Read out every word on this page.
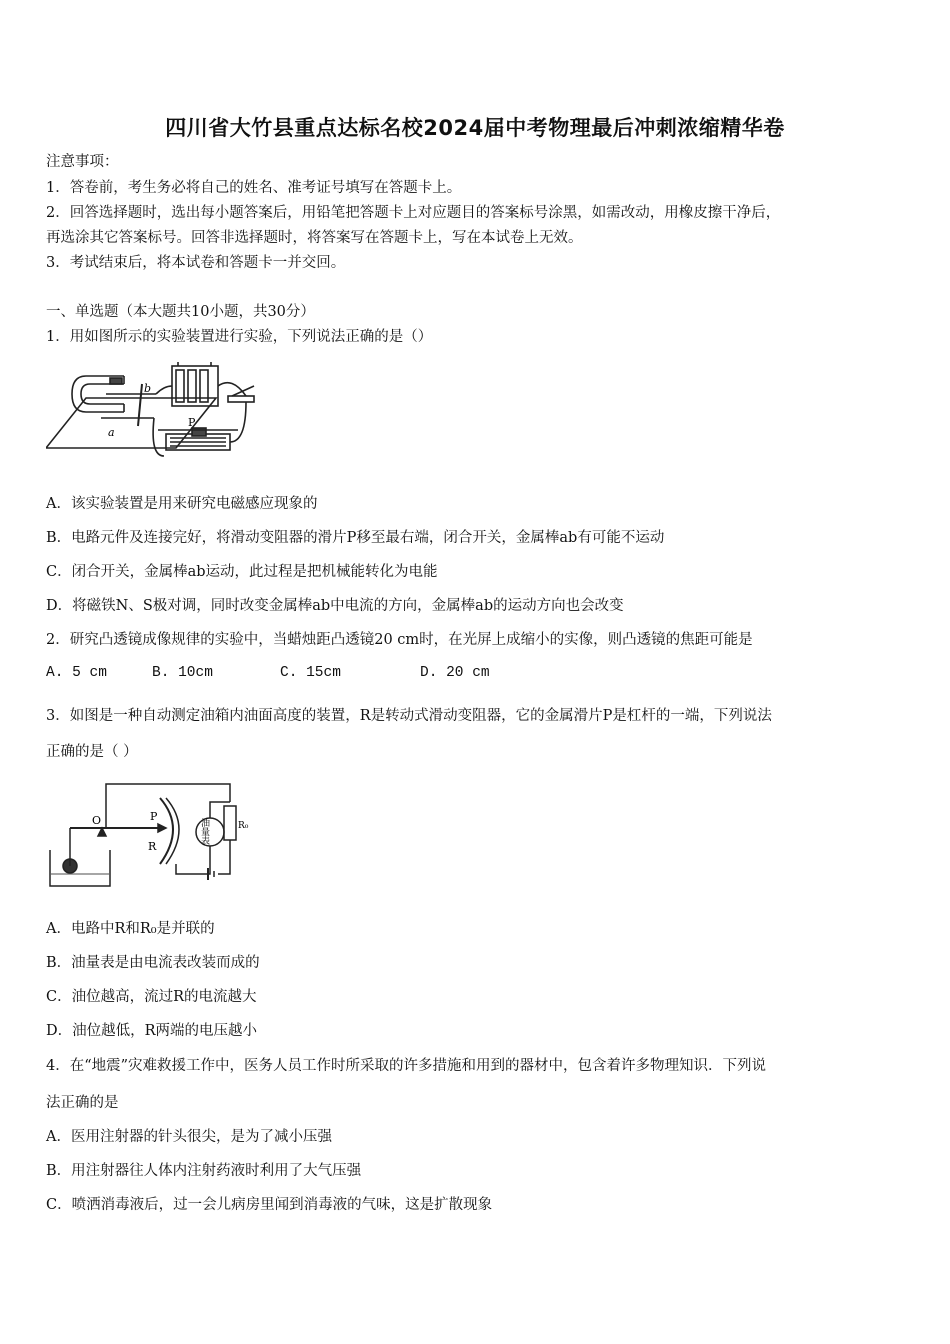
四川省大竹县重点达标名校2024届中考物理最后冲刺浓缩精华卷
注意事项：
1．答卷前，考生务必将自己的姓名、准考证号填写在答题卡上。
2．回答选择题时，选出每小题答案后，用铅笔把答题卡上对应题目的答案标号涂黑，如需改动，用橡皮擦干净后，
再选涂其它答案标号。回答非选择题时，将答案写在答题卡上，写在本试卷上无效。
3．考试结束后，将本试卷和答题卡一并交回。
一、单选题（本大题共10小题，共30分）
1．用如图所示的实验装置进行实验，下列说法正确的是（）
b
a
P
A．该实验装置是用来研究电磁感应现象的
B．电路元件及连接完好，将滑动变阻器的滑片P移至最右端，闭合开关，金属棒ab有可能不运动
C．闭合开关，金属棒ab运动，此过程是把机械能转化为电能
D．将磁铁N、S极对调，同时改变金属棒ab中电流的方向，金属棒ab的运动方向也会改变
2．研究凸透镜成像规律的实验中，当蜡烛距凸透镜20 cm时，在光屏上成缩小的实像，则凸透镜的焦距可能是
A. 5 cm	B. 10cm	C. 15cm	D. 20 cm
3．如图是一种自动测定油箱内油面高度的装置，R是转动式滑动变阻器，它的金属滑片P是杠杆的一端，下列说法
正确的是（ ）
O	P
R
油量表	R₀
A．电路中R和R₀是并联的
B．油量表是由电流表改装而成的
C．油位越高，流过R的电流越大
D．油位越低，R两端的电压越小
4．在“地震”灾难救援工作中，医务人员工作时所采取的许多措施和用到的器材中，包含着许多物理知识．下列说
法正确的是
A．医用注射器的针头很尖，是为了减小压强
B．用注射器往人体内注射药液时利用了大气压强
C．喷洒消毒液后，过一会儿病房里闻到消毒液的气味，这是扩散现象
